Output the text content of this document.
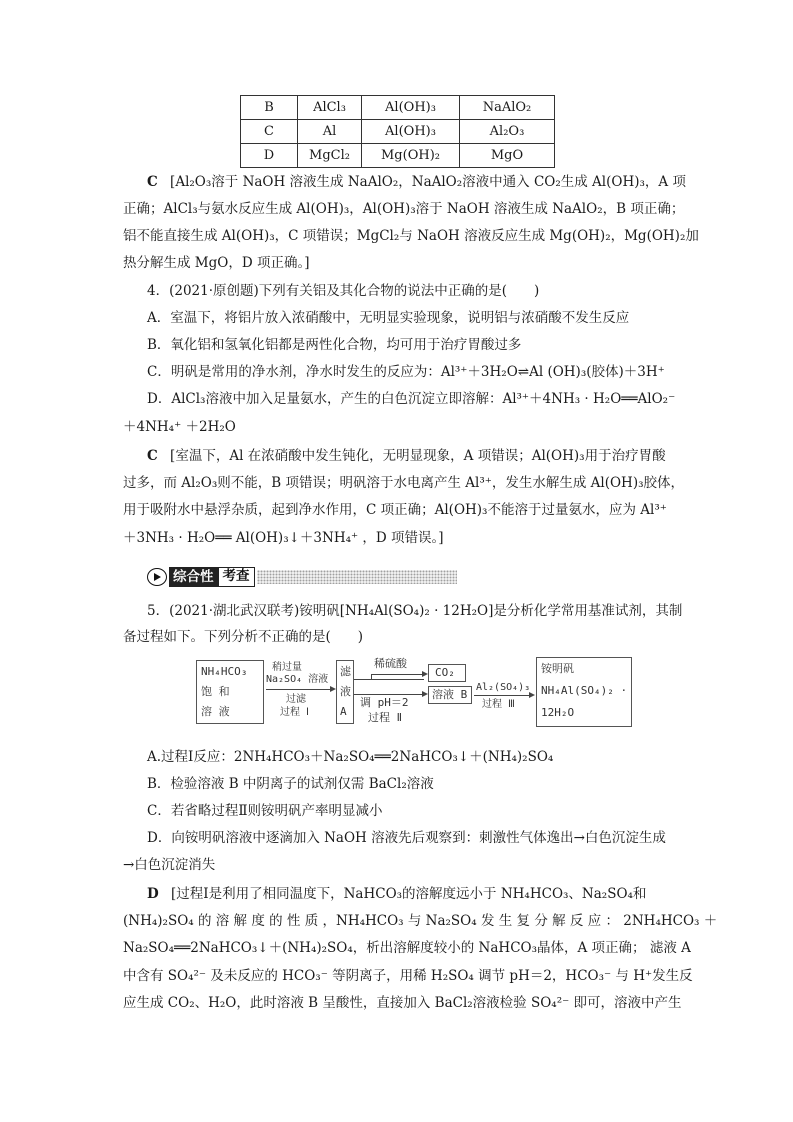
B	AlCl₃	Al(OH)₃	NaAlO₂
C	Al	Al(OH)₃	Al₂O₃
D	MgCl₂	Mg(OH)₂	MgO
C [Al₂O₃溶于 NaOH 溶液生成 NaAlO₂，NaAlO₂溶液中通入 CO₂生成 Al(OH)₃，A 项
正确；AlCl₃与氨水反应生成 Al(OH)₃，Al(OH)₃溶于 NaOH 溶液生成 NaAlO₂，B 项正确；
铝不能直接生成 Al(OH)₃，C 项错误；MgCl₂与 NaOH 溶液反应生成 Mg(OH)₂，Mg(OH)₂加
热分解生成 MgO，D 项正确。]
4．(2021·原创题)下列有关铝及其化合物的说法中正确的是(　　)
A．室温下，将铝片放入浓硝酸中，无明显实验现象，说明铝与浓硝酸不发生反应
B．氧化铝和氢氧化铝都是两性化合物，均可用于治疗胃酸过多
C．明矾是常用的净水剂，净水时发生的反应为：Al³⁺＋3H₂O⇌Al (OH)₃(胶体)＋3H⁺
D．AlCl₃溶液中加入足量氨水，产生的白色沉淀立即溶解：Al³⁺＋4NH₃ · H₂O══AlO₂⁻
＋4NH₄⁺ ＋2H₂O
C [室温下，Al 在浓硝酸中发生钝化，无明显现象，A 项错误；Al(OH)₃用于治疗胃酸
过多，而 Al₂O₃则不能，B 项错误；明矾溶于水电离产生 Al³⁺，发生水解生成 Al(OH)₃胶体，
用于吸附水中悬浮杂质，起到净水作用，C 项正确；Al(OH)₃不能溶于过量氨水，应为 Al³⁺
＋3NH₃ · H₂O══ Al(OH)₃↓＋3NH₄⁺ ，D 项错误。]
综合性 考查
5．(2021·湖北武汉联考)铵明矾[NH₄Al(SO₄)₂ · 12H₂O]是分析化学常用基准试剂，其制
备过程如下。下列分析不正确的是(　　)
NH₄HCO₃
饱 和
溶 液
稍过量
Na₂SO₄ 溶液
过滤
过程 Ⅰ
滤
液
A
稀硫酸
CO₂
调 pH＝2
过程 Ⅱ
溶液 B
Al₂(SO₄)₃
过程 Ⅲ
铵明矾
NH₄Al(SO₄)₂ ·
12H₂O
A.过程Ⅰ反应：2NH₄HCO₃＋Na₂SO₄══2NaHCO₃↓＋(NH₄)₂SO₄
B．检验溶液 B 中阴离子的试剂仅需 BaCl₂溶液
C．若省略过程Ⅱ则铵明矾产率明显减小
D．向铵明矾溶液中逐滴加入 NaOH 溶液先后观察到：刺激性气体逸出→白色沉淀生成
→白色沉淀消失
D [过程Ⅰ是利用了相同温度下，NaHCO₃的溶解度远小于 NH₄HCO₃、Na₂SO₄和
(NH₄)₂SO₄ 的 溶 解 度 的 性 质 ，NH₄HCO₃ 与 Na₂SO₄ 发 生 复 分 解 反 应 ： 2NH₄HCO₃ ＋
Na₂SO₄══2NaHCO₃↓＋(NH₄)₂SO₄，析出溶解度较小的 NaHCO₃晶体，A 项正确； 滤液 A
中含有 SO₄²⁻ 及未反应的 HCO₃⁻ 等阴离子，用稀 H₂SO₄ 调节 pH＝2，HCO₃⁻ 与 H⁺发生反
应生成 CO₂、H₂O，此时溶液 B 呈酸性，直接加入 BaCl₂溶液检验 SO₄²⁻ 即可，溶液中产生
